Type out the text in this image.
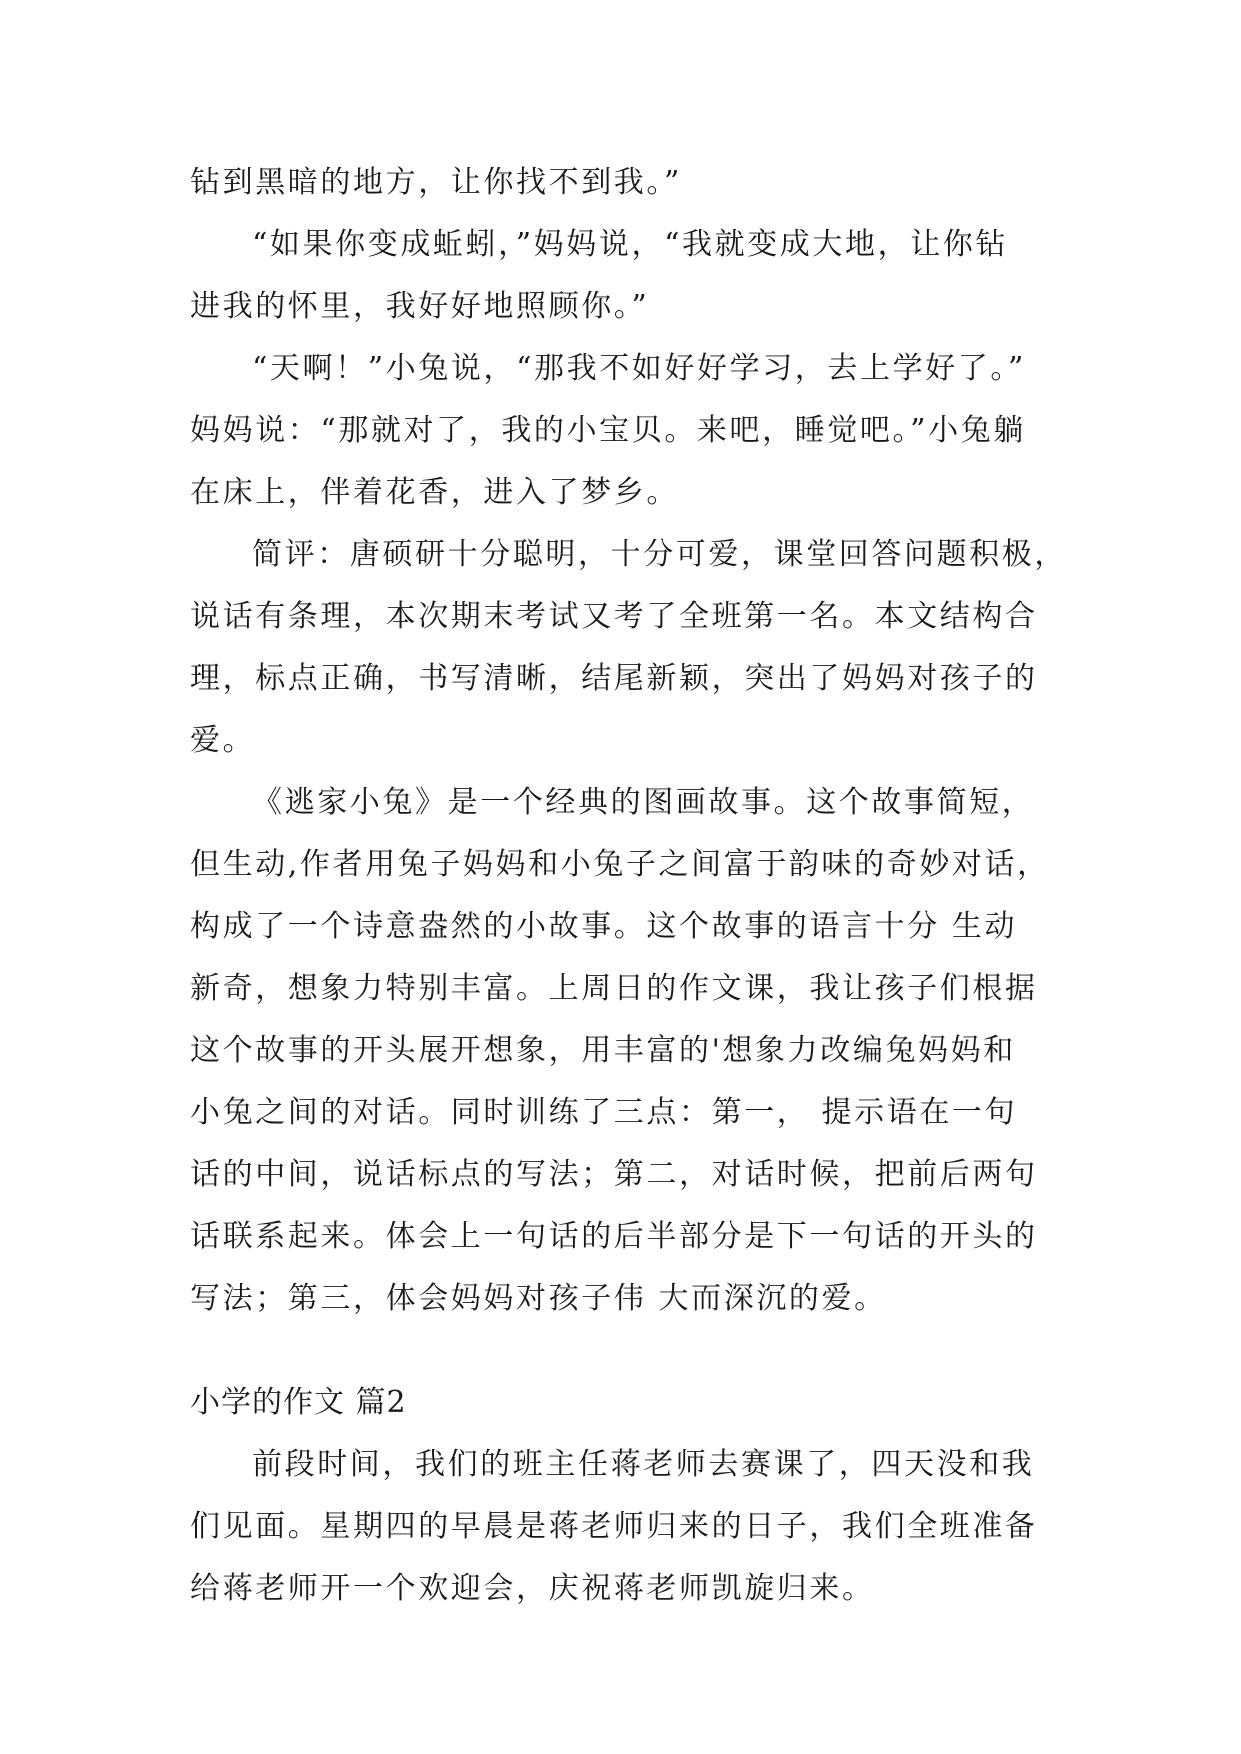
钻到黑暗的地方，让你找不到我。”
“如果你变成蚯蚓，”妈妈说，“我就变成大地，让你钻
进我的怀里，我好好地照顾你。”
“天啊！”小兔说，“那我不如好好学习，去上学好了。”
妈妈说：“那就对了，我的小宝贝。来吧，睡觉吧。”小兔躺
在床上，伴着花香，进入了梦乡。
简评：唐硕研十分聪明，十分可爱，课堂回答问题积极，
说话有条理，本次期末考试又考了全班第一名。本文结构合
理，标点正确，书写清晰，结尾新颖，突出了妈妈对孩子的
爱。
《逃家小兔》是一个经典的图画故事。这个故事简短，
但生动,作者用兔子妈妈和小兔子之间富于韵味的奇妙对话，
构成了一个诗意盎然的小故事。这个故事的语言十分 生动
新奇，想象力特别丰富。上周日的作文课，我让孩子们根据
这个故事的开头展开想象，用丰富的'想象力改编兔妈妈和
小兔之间的对话。同时训练了三点：第一， 提示语在一句
话的中间，说话标点的写法；第二，对话时候，把前后两句
话联系起来。体会上一句话的后半部分是下一句话的开头的
写法；第三，体会妈妈对孩子伟 大而深沉的爱。
小学的作文 篇2
前段时间，我们的班主任蒋老师去赛课了，四天没和我
们见面。星期四的早晨是蒋老师归来的日子，我们全班准备
给蒋老师开一个欢迎会，庆祝蒋老师凯旋归来。
